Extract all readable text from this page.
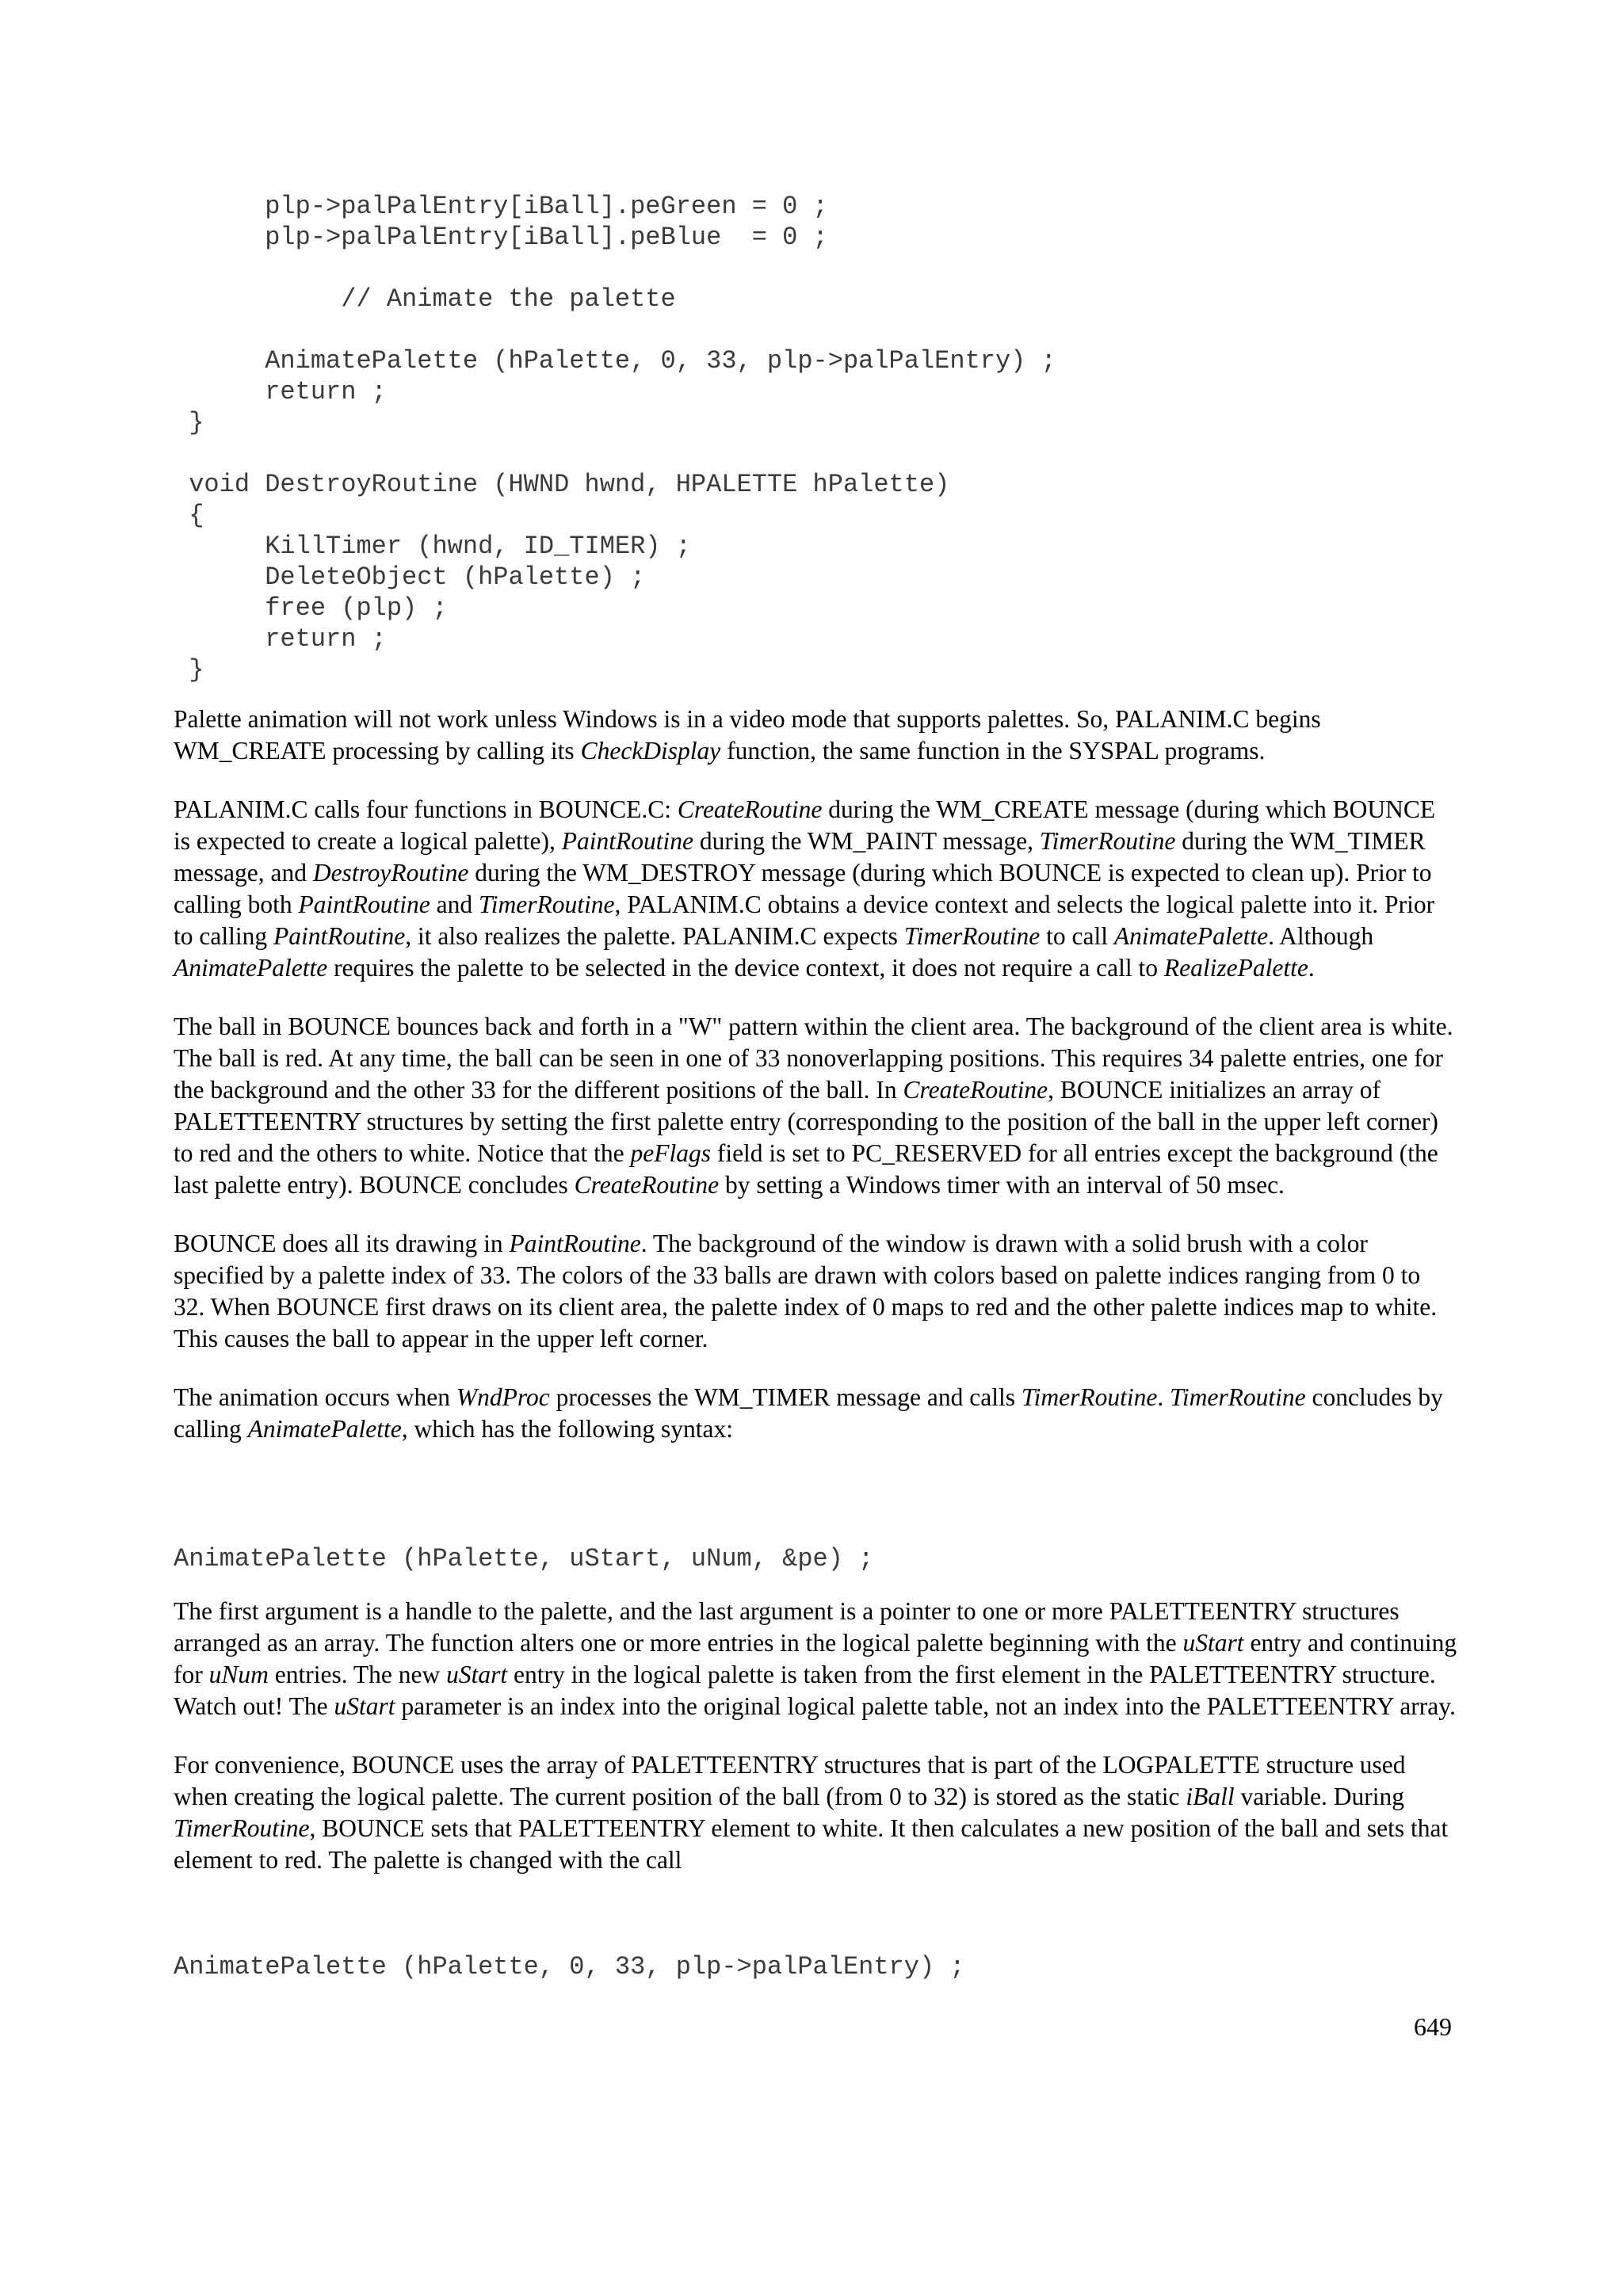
plp->palPalEntry[iBall].peGreen = 0 ;
plp->palPalEntry[iBall].peBlue  = 0 ;

// Animate the palette

AnimatePalette (hPalette, 0, 33, plp->palPalEntry) ;
return ;
}

void DestroyRoutine (HWND hwnd, HPALETTE hPalette)
{
KillTimer (hwnd, ID_TIMER) ;
DeleteObject (hPalette) ;
free (plp) ;
return ;
}

Palette animation will not work unless Windows is in a video mode that supports palettes. So, PALANIM.C begins WM_CREATE processing by calling its CheckDisplay function, the same function in the SYSPAL programs.

PALANIM.C calls four functions in BOUNCE.C: CreateRoutine during the WM_CREATE message (during which BOUNCE is expected to create a logical palette), PaintRoutine during the WM_PAINT message, TimerRoutine during the WM_TIMER message, and DestroyRoutine during the WM_DESTROY message (during which BOUNCE is expected to clean up). Prior to calling both PaintRoutine and TimerRoutine, PALANIM.C obtains a device context and selects the logical palette into it. Prior to calling PaintRoutine, it also realizes the palette. PALANIM.C expects TimerRoutine to call AnimatePalette. Although AnimatePalette requires the palette to be selected in the device context, it does not require a call to RealizePalette.

The ball in BOUNCE bounces back and forth in a "W" pattern within the client area. The background of the client area is white. The ball is red. At any time, the ball can be seen in one of 33 nonoverlapping positions. This requires 34 palette entries, one for the background and the other 33 for the different positions of the ball. In CreateRoutine, BOUNCE initializes an array of PALETTEENTRY structures by setting the first palette entry (corresponding to the position of the ball in the upper left corner) to red and the others to white. Notice that the peFlags field is set to PC_RESERVED for all entries except the background (the last palette entry). BOUNCE concludes CreateRoutine by setting a Windows timer with an interval of 50 msec.

BOUNCE does all its drawing in PaintRoutine. The background of the window is drawn with a solid brush with a color specified by a palette index of 33. The colors of the 33 balls are drawn with colors based on palette indices ranging from 0 to 32. When BOUNCE first draws on its client area, the palette index of 0 maps to red and the other palette indices map to white. This causes the ball to appear in the upper left corner.

The animation occurs when WndProc processes the WM_TIMER message and calls TimerRoutine. TimerRoutine concludes by calling AnimatePalette, which has the following syntax:

AnimatePalette (hPalette, uStart, uNum, &pe) ;

The first argument is a handle to the palette, and the last argument is a pointer to one or more PALETTEENTRY structures arranged as an array. The function alters one or more entries in the logical palette beginning with the uStart entry and continuing for uNum entries. The new uStart entry in the logical palette is taken from the first element in the PALETTEENTRY structure. Watch out! The uStart parameter is an index into the original logical palette table, not an index into the PALETTEENTRY array.

For convenience, BOUNCE uses the array of PALETTEENTRY structures that is part of the LOGPALETTE structure used when creating the logical palette. The current position of the ball (from 0 to 32) is stored as the static iBall variable. During TimerRoutine, BOUNCE sets that PALETTEENTRY element to white. It then calculates a new position of the ball and sets that element to red. The palette is changed with the call

AnimatePalette (hPalette, 0, 33, plp->palPalEntry) ;
649
